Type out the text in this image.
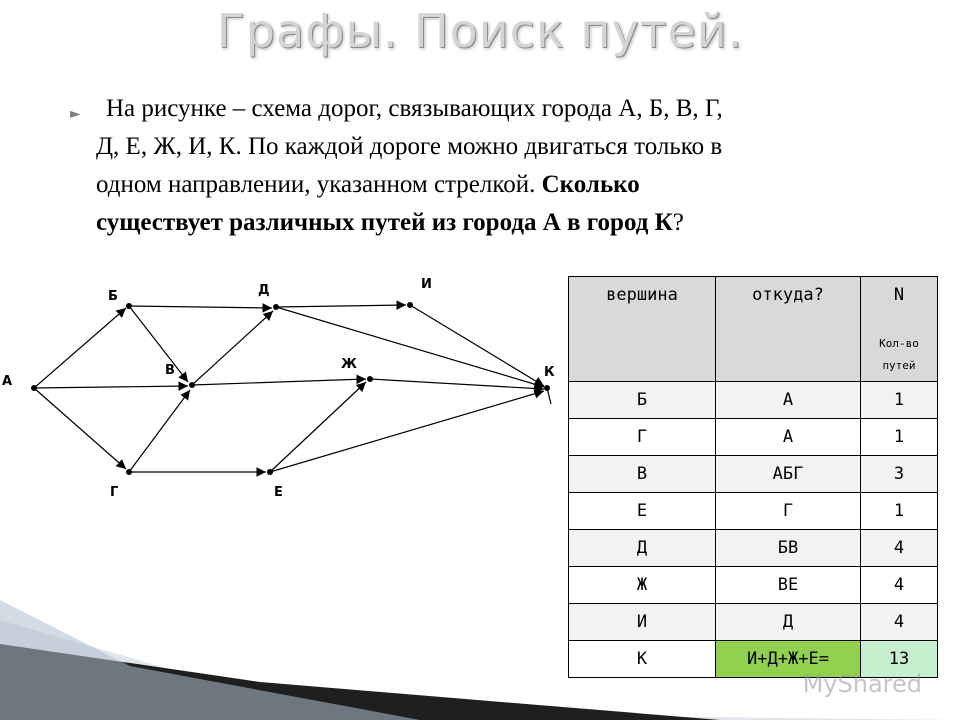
Графы. Поиск путей.
►	На рисунке – схема дорог, связывающих города А, Б, В, Г,
Д, Е, Ж, И, К. По каждой дороге можно двигаться только в
одном направлении, указанном стрелкой. Сколько
существует различных путей из города А в город К?
А
Б
В
Г
Д
Е
Ж
И
К
вершина	откуда?	N
Кол-во
путей

Б	А	1
Г	А	1
В	АБГ	3
Е	Г	1
Д	БВ	4
Ж	ВЕ	4
И	Д	4
К	И+Д+Ж+Е=	13
MyShared
